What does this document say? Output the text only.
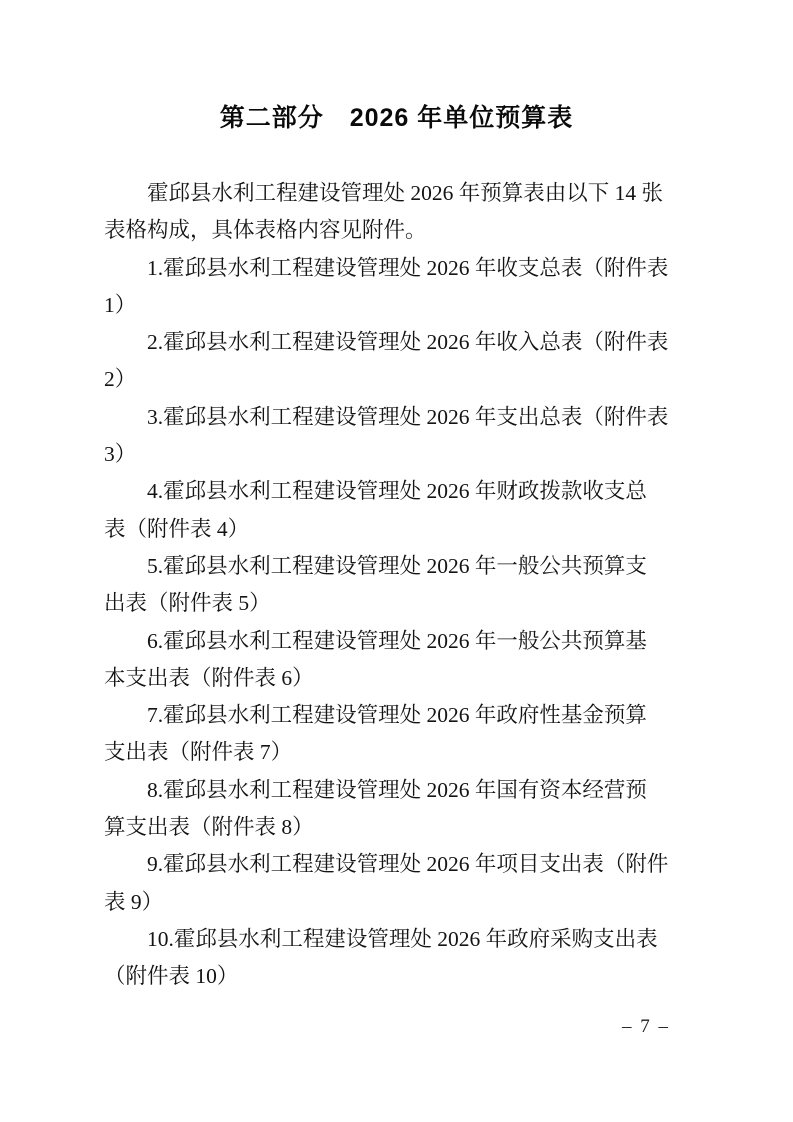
第二部分　2026 年单位预算表

霍邱县水利工程建设管理处 2026 年预算表由以下 14 张
表格构成，具体表格内容见附件。

1.霍邱县水利工程建设管理处 2026 年收支总表（附件表
1）

2.霍邱县水利工程建设管理处 2026 年收入总表（附件表
2）

3.霍邱县水利工程建设管理处 2026 年支出总表（附件表
3）

4.霍邱县水利工程建设管理处 2026 年财政拨款收支总
表（附件表 4）

5.霍邱县水利工程建设管理处 2026 年一般公共预算支
出表（附件表 5）

6.霍邱县水利工程建设管理处 2026 年一般公共预算基
本支出表（附件表 6）

7.霍邱县水利工程建设管理处 2026 年政府性基金预算
支出表（附件表 7）

8.霍邱县水利工程建设管理处 2026 年国有资本经营预
算支出表（附件表 8）

9.霍邱县水利工程建设管理处 2026 年项目支出表（附件
表 9）

10.霍邱县水利工程建设管理处 2026 年政府采购支出表
（附件表 10）

– 7 –
